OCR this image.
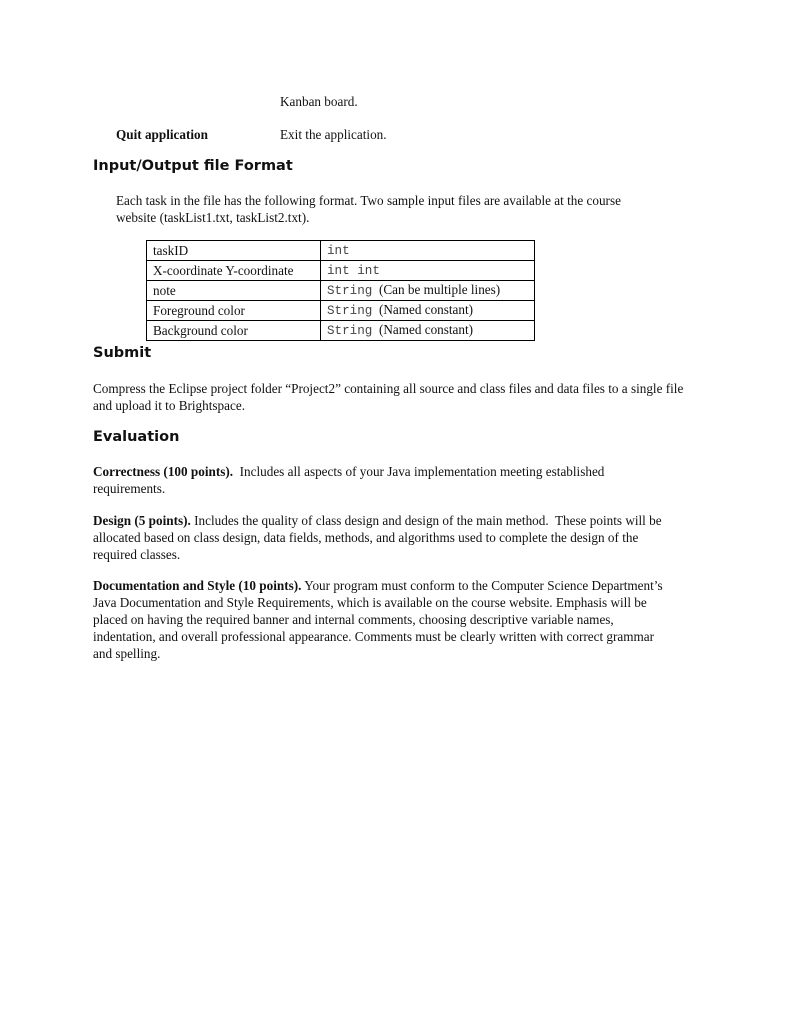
Kanban board.
Quit application	Exit the application.
Input/Output file Format
Each task in the file has the following format. Two sample input files are available at the course
website (taskList1.txt, taskList2.txt).
taskID	int
X-coordinate Y-coordinate	int int
note	String (Can be multiple lines)
Foreground color	String (Named constant)
Background color	String (Named constant)
Submit
Compress the Eclipse project folder “Project2” containing all source and class files and data files to a single file
and upload it to Brightspace.
Evaluation
Correctness (100 points).  Includes all aspects of your Java implementation meeting established
requirements.
Design (5 points). Includes the quality of class design and design of the main method.  These points will be
allocated based on class design, data fields, methods, and algorithms used to complete the design of the
required classes.
Documentation and Style (10 points). Your program must conform to the Computer Science Department’s
Java Documentation and Style Requirements, which is available on the course website. Emphasis will be
placed on having the required banner and internal comments, choosing descriptive variable names,
indentation, and overall professional appearance. Comments must be clearly written with correct grammar
and spelling.
